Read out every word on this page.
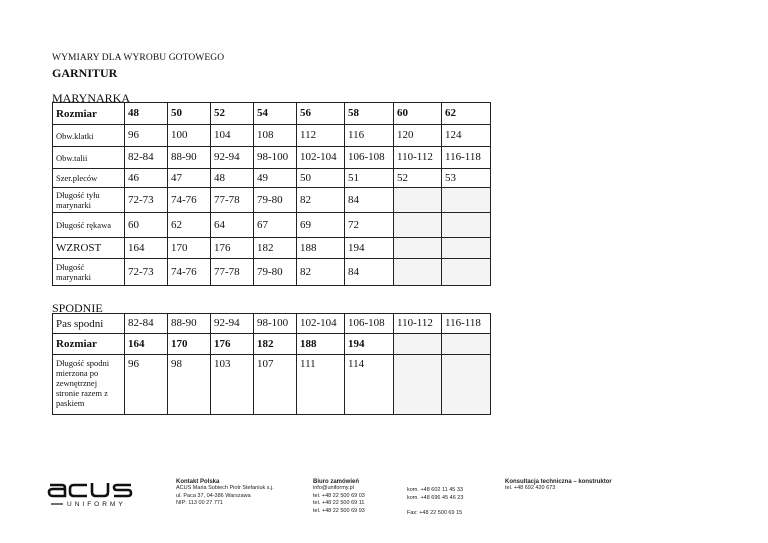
WYMIARY DLA WYROBU GOTOWEGO
GARNITUR
MARYNARKA
Rozmiar	48	50	52	54	56	58	60	62
Obw.klatki	96	100	104	108	112	116	120	124
Obw.talii	82-84	88-90	92-94	98-100	102-104	106-108	110-112	116-118
Szer.pleców	46	47	48	49	50	51	52	53
Długość tyłu marynarki	72-73	74-76	77-78	79-80	82	84		
Długość rękawa	60	62	64	67	69	72		
WZROST	164	170	176	182	188	194		
Długość marynarki	72-73	74-76	77-78	79-80	82	84		
SPODNIE
Pas spodni	82-84	88-90	92-94	98-100	102-104	106-108	110-112	116-118
Rozmiar	164	170	176	182	188	194		
Długość spodni mierzona po zewnętrznej stronie razem z paskiem	96	98	103	107	111	114		
UNIFORMY
Kontakt Polska
ACUS Maria Sobiech Piotr Stefaniuk s.j.
ul. Paca 37, 04-386 Warszawa
NIP: 113 00 27 771
Biuro zamówień
info@uniformy.pl
tel. +48 22 500 69 03
tel. +48 22 500 69 11
tel. +48 22 500 69 93
kom. +48 602 11 45 33
kom. +48 696 45 46 23
Fax: +48 22 500 69 15
Konsultacja techniczna – konstruktor
tel. +48 692 420 673
